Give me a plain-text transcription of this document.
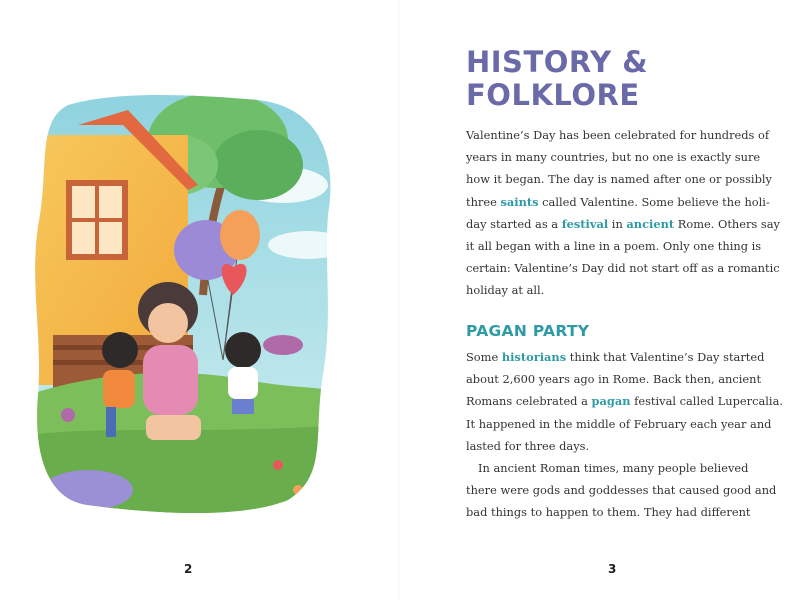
2
HISTORY &
FOLKLORE
Valentine’s Day has been celebrated for hundreds of
years in many countries, but no one is exactly sure
how it began. The day is named after one or possibly
three saints called Valentine. Some believe the holi-
day started as a festival in ancient Rome. Others say
it all began with a line in a poem. Only one thing is
certain: Valentine’s Day did not start off as a romantic
holiday at all.
PAGAN PARTY
Some historians think that Valentine’s Day started
about 2,600 years ago in Rome. Back then, ancient
Romans celebrated a pagan festival called Lupercalia.
It happened in the middle of February each year and
lasted for three days.
In ancient Roman times, many people believed
there were gods and goddesses that caused good and
bad things to happen to them. They had different
3
